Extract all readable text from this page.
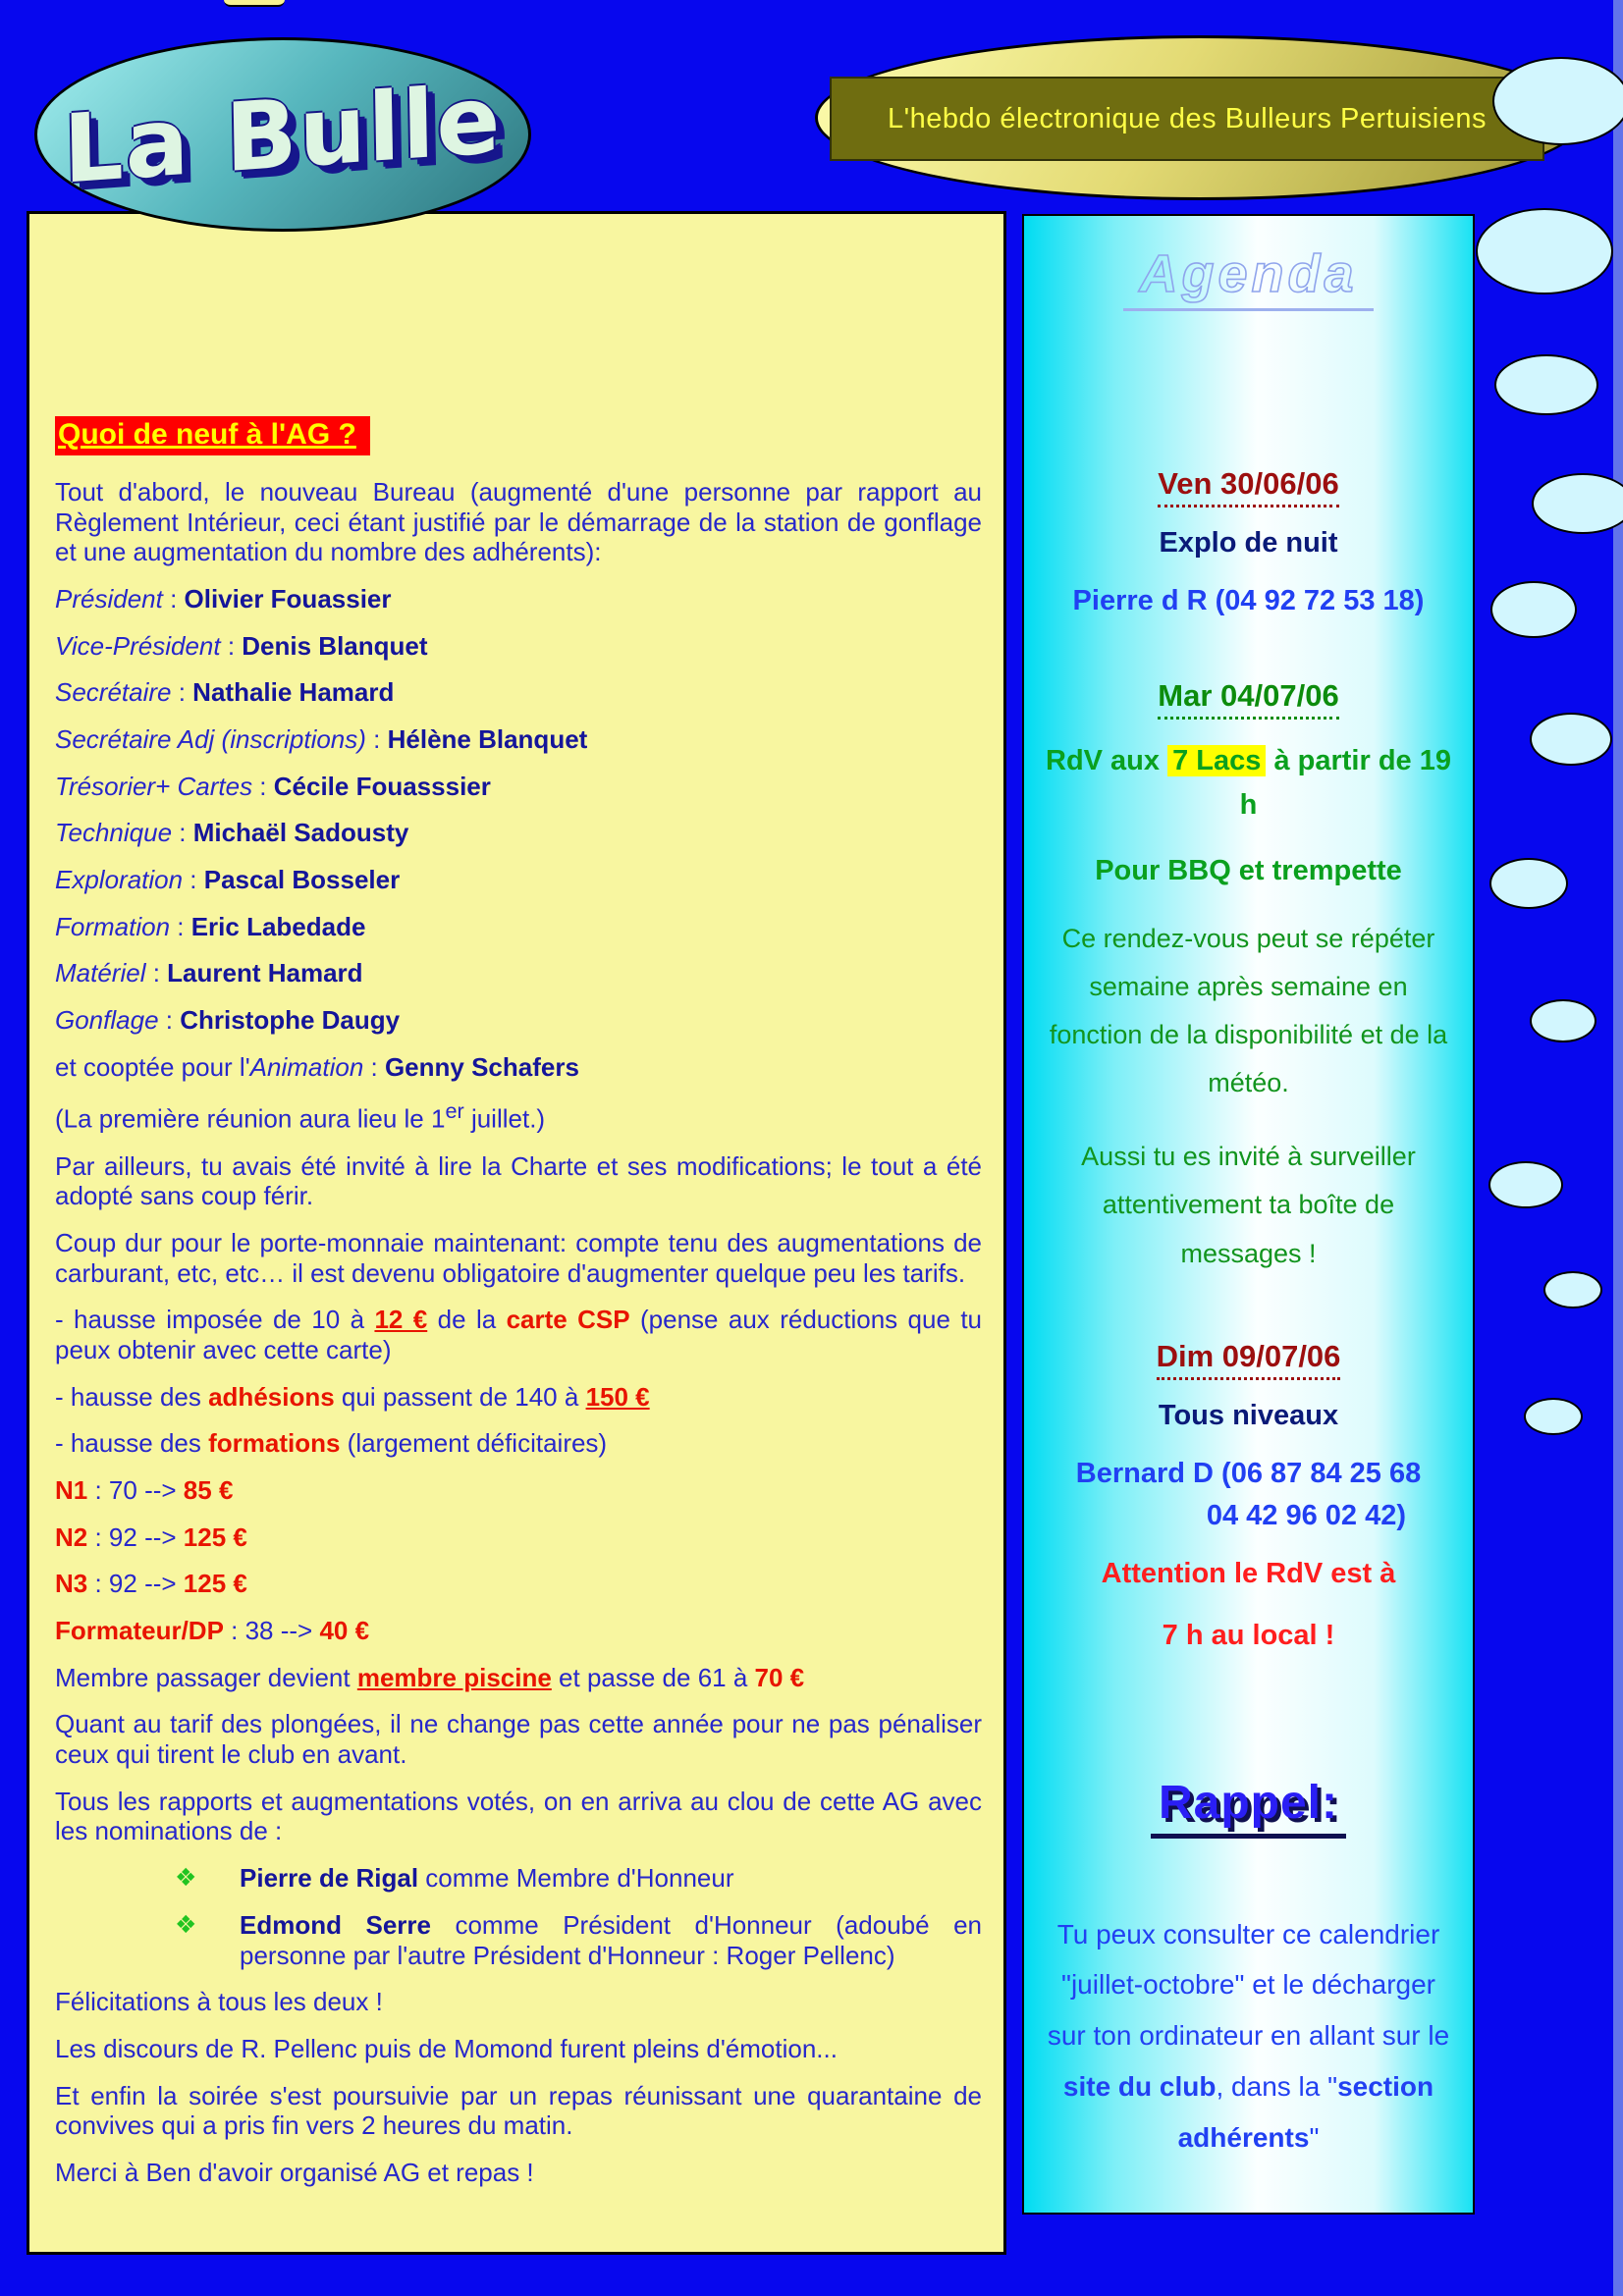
Quoi de neuf à l'AG ?

Tout d'abord, le nouveau Bureau (augmenté d'une personne par rapport au Règlement Intérieur, ceci étant justifié par le démarrage de la station de gonflage et une augmentation du nombre des adhérents):

Président : Olivier Fouassier

Vice-Président : Denis Blanquet

Secrétaire : Nathalie Hamard

Secrétaire Adj (inscriptions) : Hélène Blanquet

Trésorier+ Cartes : Cécile Fouasssier

Technique : Michaël Sadousty

Exploration : Pascal Bosseler

Formation : Eric Labedade

Matériel : Laurent Hamard

Gonflage : Christophe Daugy

et cooptée pour l'Animation : Genny Schafers

(La première réunion aura lieu le 1er juillet.)

Par ailleurs, tu avais été invité à lire la Charte et ses modifications; le tout a été adopté sans coup férir.

Coup dur pour le porte-monnaie maintenant: compte tenu des augmentations de carburant, etc, etc… il est devenu obligatoire d'augmenter quelque peu les tarifs.

- hausse imposée de 10 à 12 € de la carte CSP (pense aux réductions que tu peux obtenir avec cette carte)

- hausse des adhésions qui passent de 140 à 150 €

- hausse des formations (largement déficitaires)

N1 : 70 --> 85 €

N2 : 92 --> 125 €

N3 : 92 --> 125 €

Formateur/DP : 38 --> 40 €

Membre passager devient membre piscine et passe de 61 à 70 €

Quant au tarif des plongées, il ne change pas cette année pour ne pas pénaliser ceux qui tirent le club en avant.

Tous les rapports et augmentations votés, on en arriva au clou de cette AG avec les nominations de :

❖ Pierre de Rigal comme Membre d'Honneur

❖ Edmond Serre comme Président d'Honneur (adoubé en personne par l'autre Président d'Honneur : Roger Pellenc)

Félicitations à tous les deux !

Les discours de R. Pellenc puis de Momond furent pleins d'émotion...

Et enfin la soirée s'est poursuivie par un repas réunissant une quarantaine de convives qui a pris fin vers 2 heures du matin.

Merci à Ben d'avoir organisé AG et repas !

Agenda
Ven 30/06/06

Explo de nuit

Pierre d R (04 92 72 53 18)

Mar 04/07/06

RdV aux 7 Lacs à partir de 19 h

Pour BBQ et trempette

Ce rendez-vous peut se répéter semaine après semaine en fonction de la disponibilité et de la météo.

Aussi tu es invité à surveiller attentivement ta boîte de messages !

Dim 09/07/06

Tous niveaux

Bernard D (06 87 84 25 68

04 42 96 02 42)

Attention le RdV est à

7 h au local !

Rappel:

Tu peux consulter ce calendrier "juillet-octobre" et le décharger sur ton ordinateur en allant sur le site du club, dans la "section adhérents"

La Bulle	L'hebdo électronique des Bulleurs Pertuisiens
